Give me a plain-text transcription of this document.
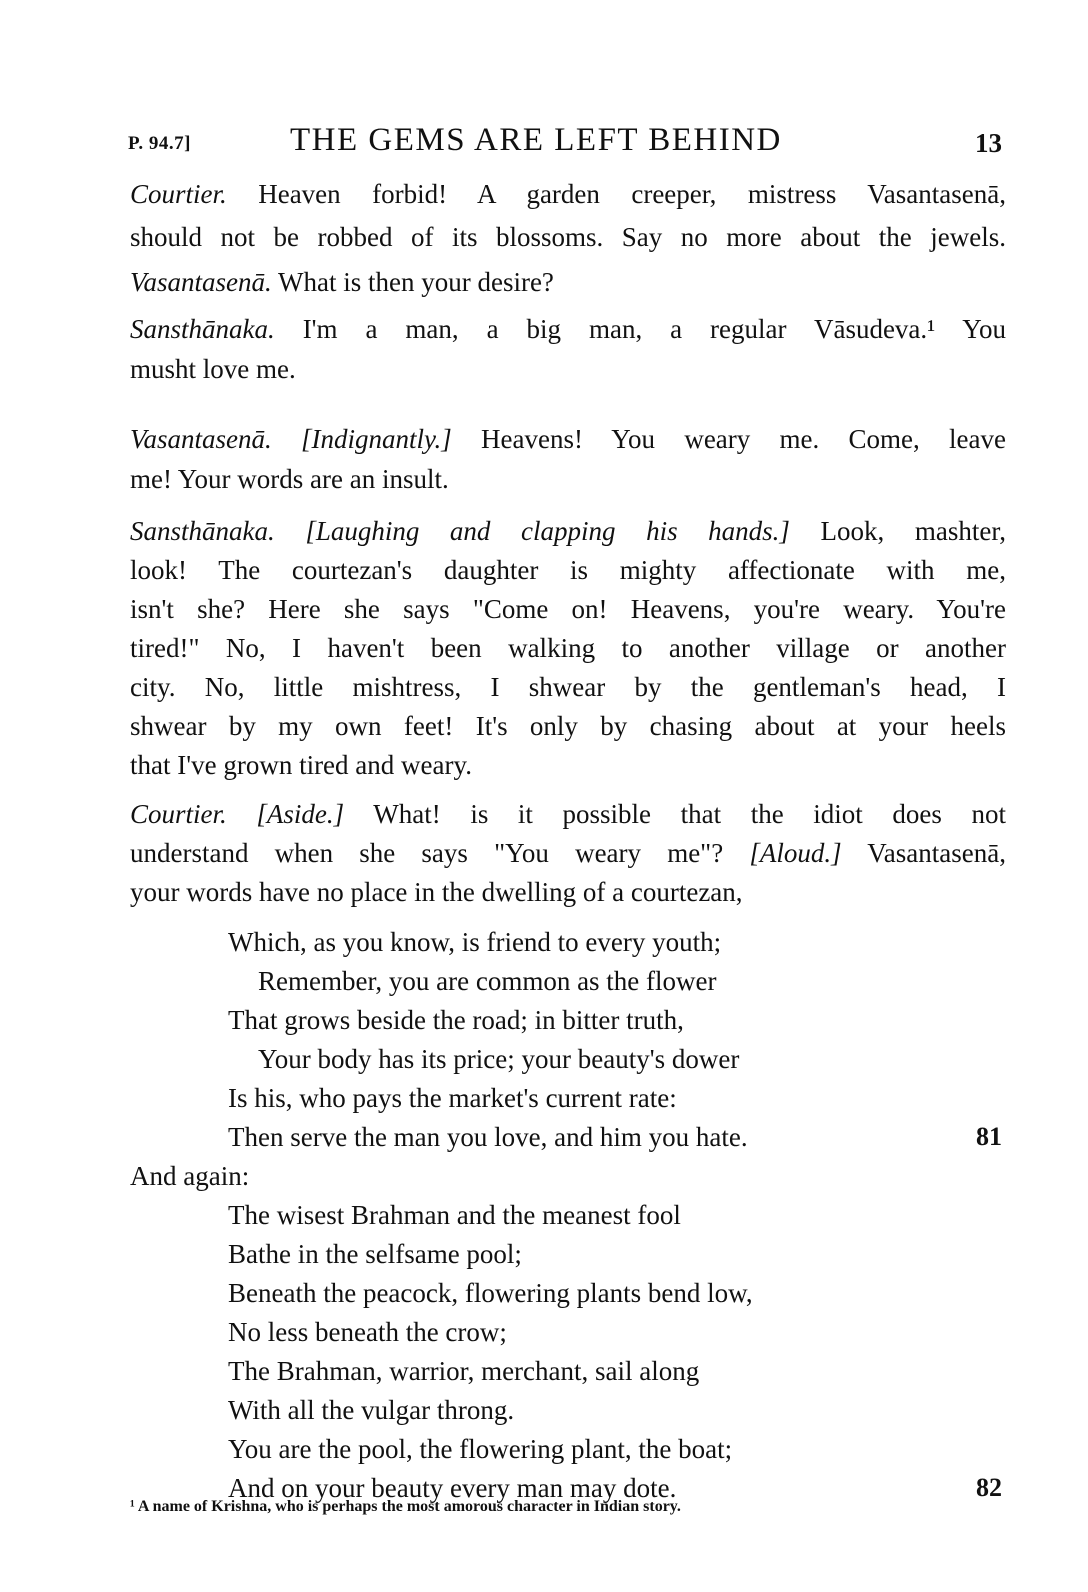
P. 94.7]	THE GEMS ARE LEFT BEHIND	13
Courtier. Heaven forbid! A garden creeper, mistress Vasantasenā,
should not be robbed of its blossoms. Say no more about the jewels.
Vasantasenā. What is then your desire?
Sansthānaka. I'm a man, a big man, a regular Vāsudeva.¹ You
musht love me.
Vasantasenā. [Indignantly.] Heavens! You weary me. Come, leave
me! Your words are an insult.
Sansthānaka. [Laughing and clapping his hands.] Look, mashter,
look! The courtezan's daughter is mighty affectionate with me,
isn't she? Here she says "Come on! Heavens, you're weary. You're
tired!" No, I haven't been walking to another village or another
city. No, little mishtress, I shwear by the gentleman's head, I
shwear by my own feet! It's only by chasing about at your heels
that I've grown tired and weary.
Courtier. [Aside.] What! is it possible that the idiot does not
understand when she says "You weary me"? [Aloud.] Vasantasenā,
your words have no place in the dwelling of a courtezan,
Which, as you know, is friend to every youth;
Remember, you are common as the flower
That grows beside the road; in bitter truth,
Your body has its price; your beauty's dower
Is his, who pays the market's current rate:
Then serve the man you love, and him you hate.	81
And again:
The wisest Brahman and the meanest fool
Bathe in the selfsame pool;
Beneath the peacock, flowering plants bend low,
No less beneath the crow;
The Brahman, warrior, merchant, sail along
With all the vulgar throng.
You are the pool, the flowering plant, the boat;
And on your beauty every man may dote.	82
¹ A name of Krishna, who is perhaps the most amorous character in Indian story.
